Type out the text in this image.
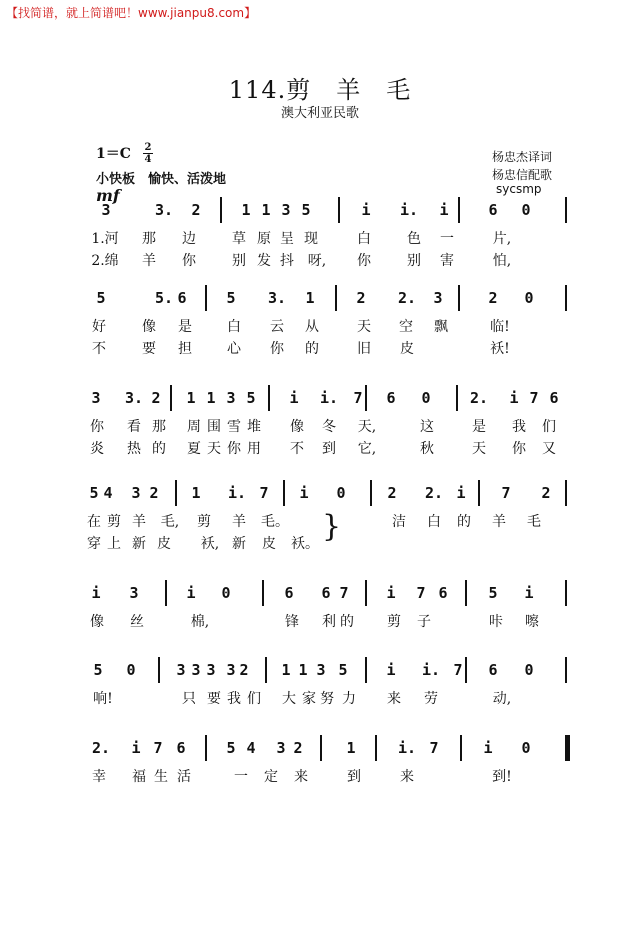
【找简谱，就上简谱吧！www.jianpu8.com】
114.剪　羊　毛
澳大利亚民歌
杨忠杰译词
杨忠信配歌
sycsmp
1＝C 2
4
小快板　愉快、活泼地
mf
3	3. 2	1 1 3 5	i i. i	6 0
1.河 那 边	草 原 呈 现	白	色 一	片,
2.绵 羊 你	别 发 抖 呀,	你	别 害	怕,
5	5. 6	5 3. 1	2 2. 3	2 0
好	像 是	白 云 从	天 空 飘	临!
不	要 担	心 你 的	旧 皮	袄!
3 3. 2 1 1 3 5 i i. 7 6 0	2. i 7 6
你 看 那 周 围 雪 堆 像 冬	天,	这	是 我 们
炎 热 的 夏 天 你 用 不 到	它,	秋	天 你 又
5 4 3 2 1 i. 7 i 0	2 2. i 7 2
在 剪 羊	毛,	剪 羊 毛。	洁 白 的 羊 毛
穿 上 新 皮	袄, 新 皮 袄。
i 3	i 0	6 6 7	i 7 6	5 i
像 丝	棉,	锋 利 的 剪 子	咔 嚓
5 0	3 3 3 3 2 1 1 3 5	i i. 7 6 0
响!	只 要 我 们 大 家 努 力 来 劳	动,
2. i 7 6	5 4 3 2	1	i. 7	i 0
幸 福 生 活	一 定 来	到	来	到!
}
